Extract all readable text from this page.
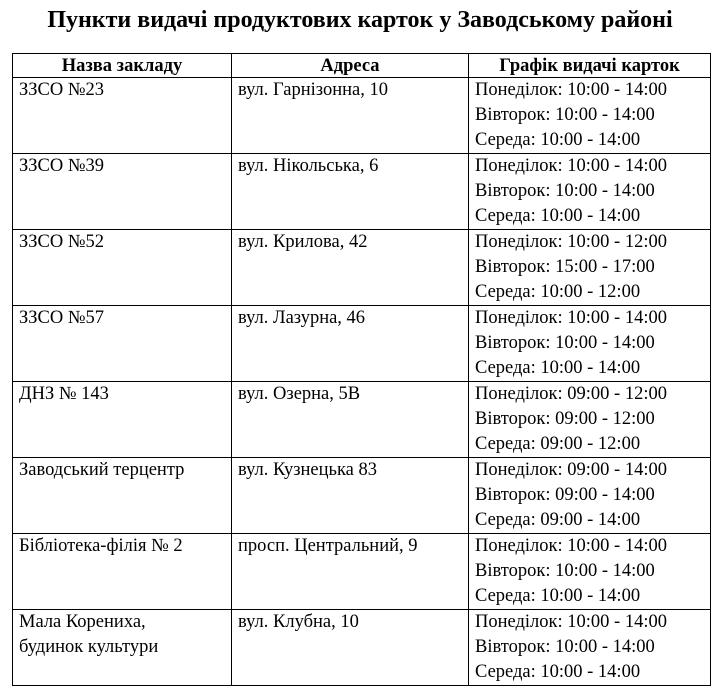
Пункти видачі продуктових карток у Заводському районі
Назва закладу	Адреса	Графік видачі карток

ЗЗСО №23	вул. Гарнізонна, 10	Понеділок: 10:00 - 14:00
Вівторок: 10:00 - 14:00
Середа: 10:00 - 14:00

ЗЗСО №39	вул. Нікольська, 6	Понеділок: 10:00 - 14:00
Вівторок: 10:00 - 14:00
Середа: 10:00 - 14:00

ЗЗСО №52	вул. Крилова, 42	Понеділок: 10:00 - 12:00
Вівторок: 15:00 - 17:00
Середа: 10:00 - 12:00

ЗЗСО №57	вул. Лазурна, 46	Понеділок: 10:00 - 14:00
Вівторок: 10:00 - 14:00
Середа: 10:00 - 14:00

ДНЗ № 143	вул. Озерна, 5В	Понеділок: 09:00 - 12:00
Вівторок: 09:00 - 12:00
Середа: 09:00 - 12:00

Заводський терцентр	вул. Кузнецька 83	Понеділок: 09:00 - 14:00
Вівторок: 09:00 - 14:00
Середа: 09:00 - 14:00

Бібліотека-філія № 2	просп. Центральний, 9	Понеділок: 10:00 - 14:00
Вівторок: 10:00 - 14:00
Середа: 10:00 - 14:00

Мала Корениха,
будинок культури	вул. Клубна, 10	Понеділок: 10:00 - 14:00
Вівторок: 10:00 - 14:00
Середа: 10:00 - 14:00
